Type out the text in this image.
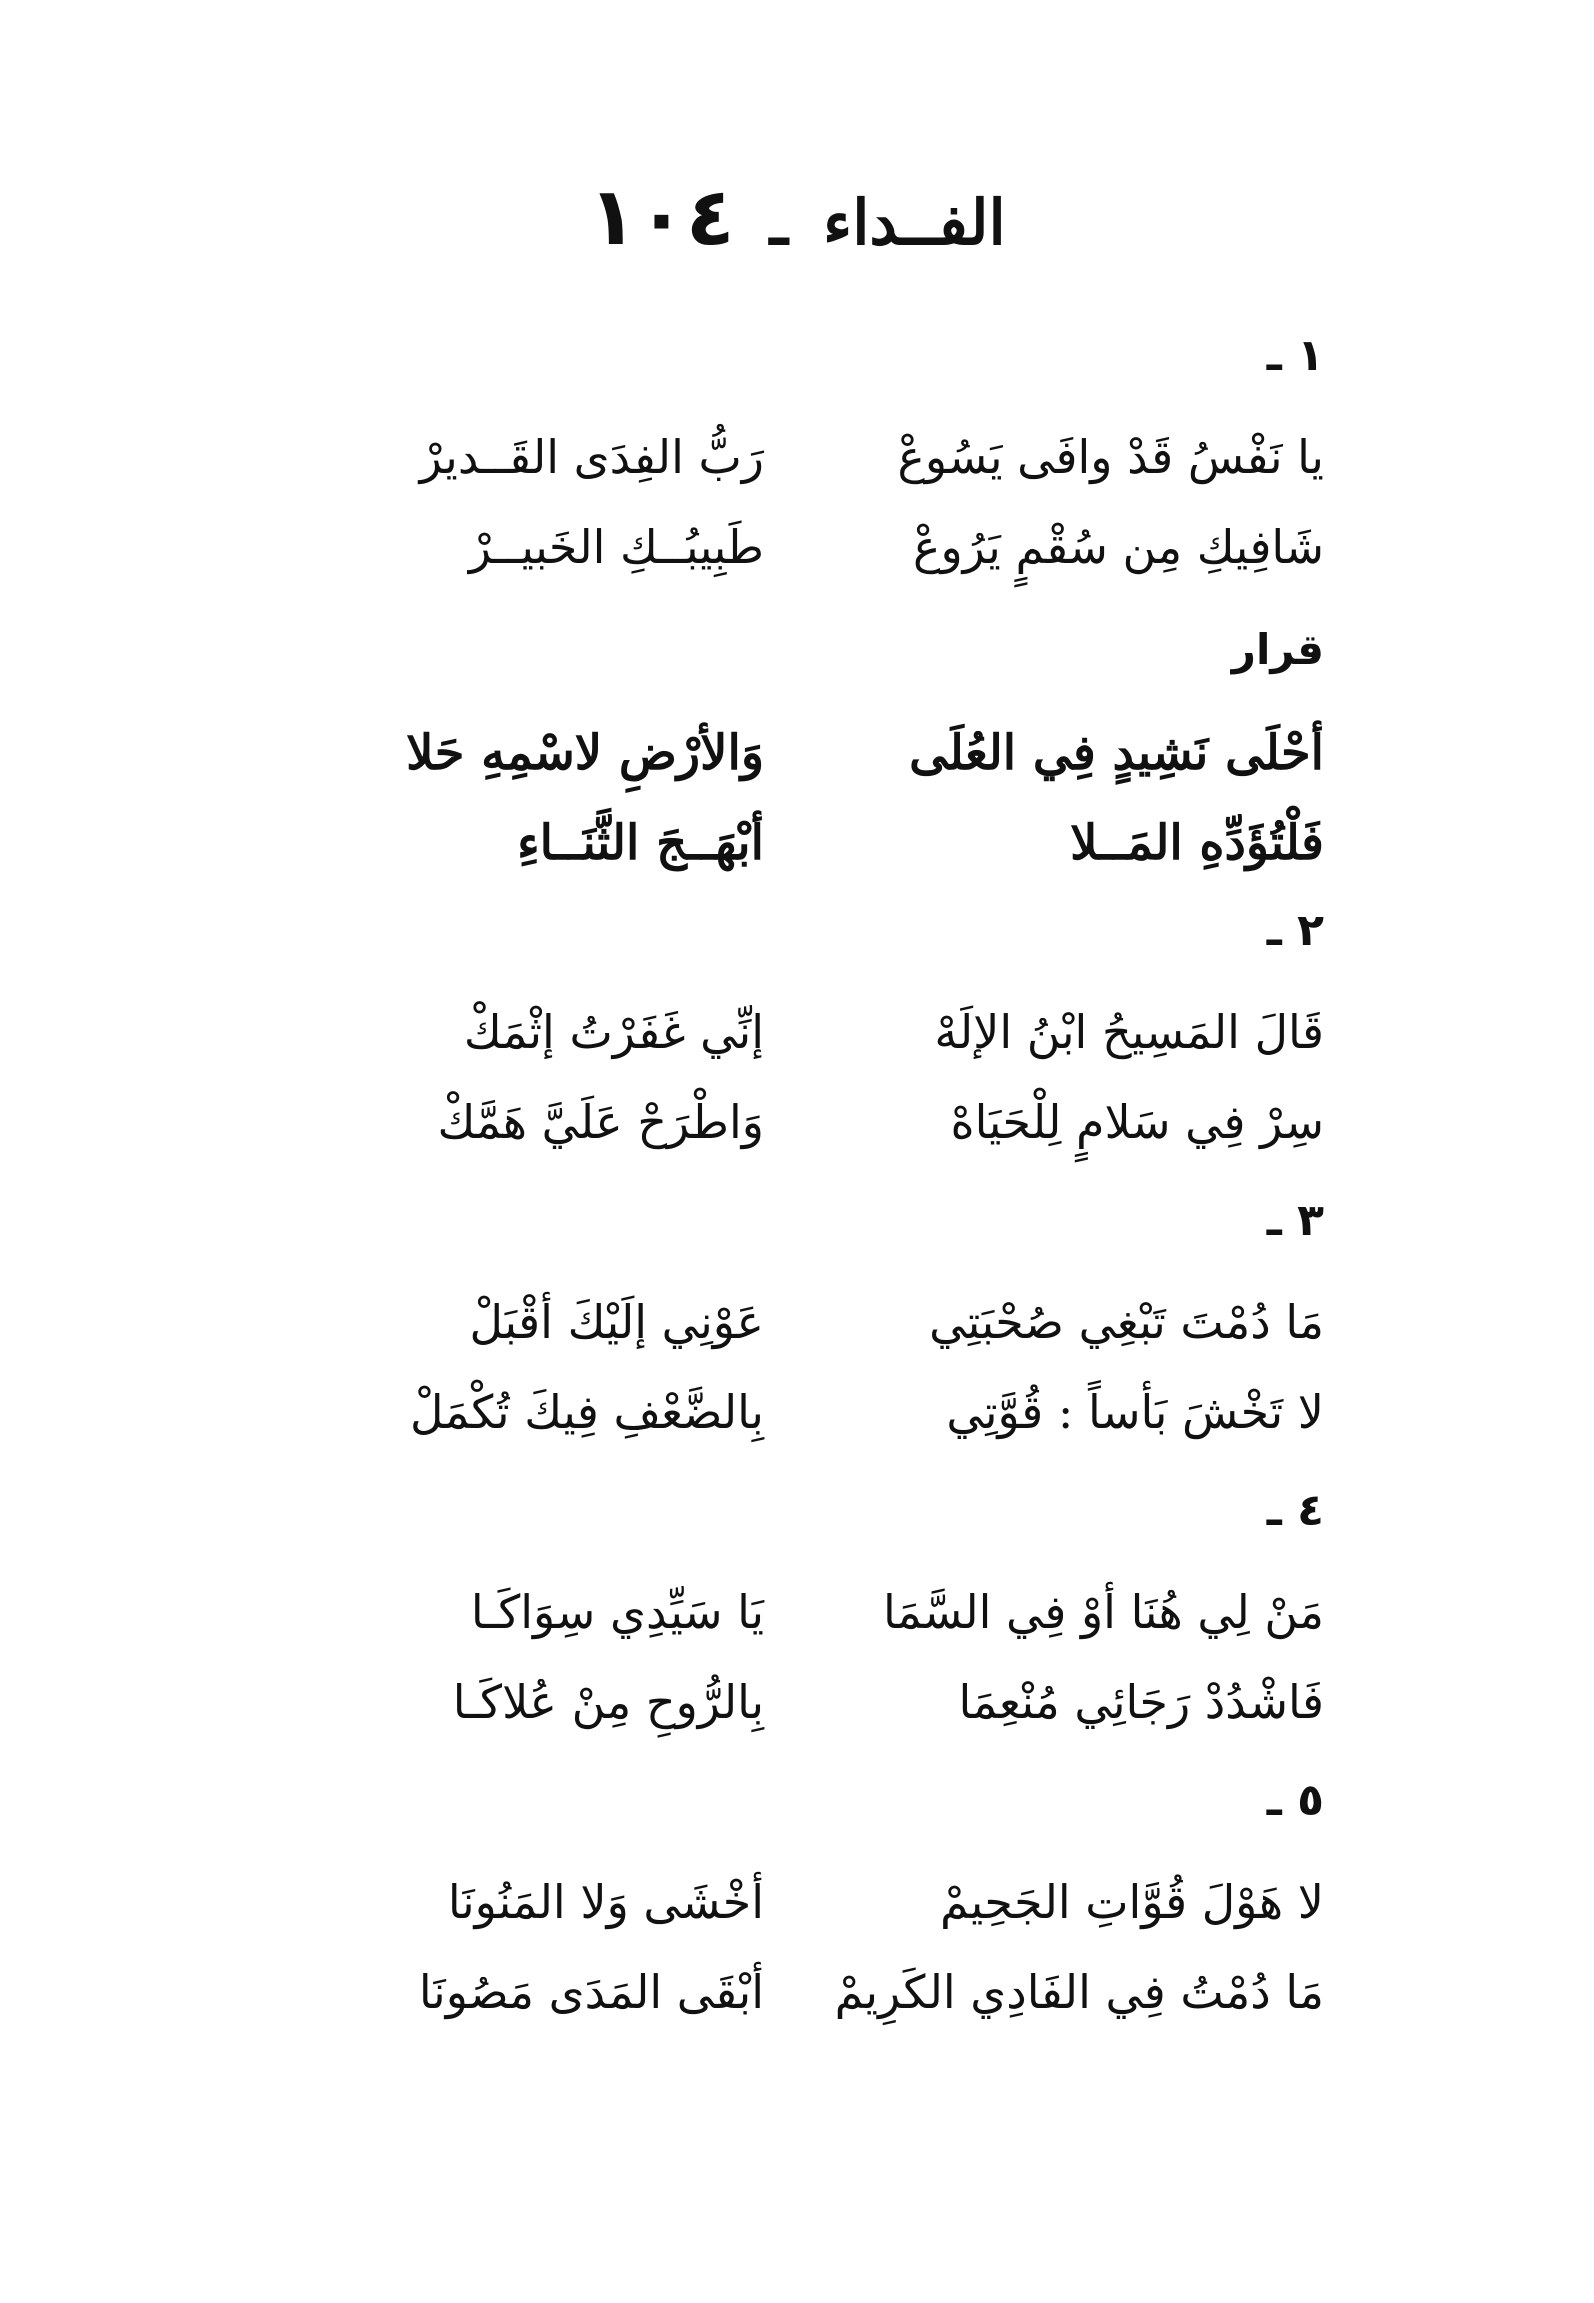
الفــداء ـ ١٠٤
١ ـ
يا نَفْسُ قَدْ وافَى يَسُوعْ
رَبُّ الفِدَى القَــديرْ
شَافِيكِ مِن سُقْمٍ يَرُوعْ
طَبِيبُــكِ الخَبيــرْ
قرار
أحْلَى نَشِيدٍ فِي العُلَى
وَالأرْضِ لاسْمِهِ حَلا
فَلْتُؤَدِّهِ المَــلا
أبْهَــجَ الثَّنَــاءِ
٢ ـ
قَالَ المَسِيحُ ابْنُ الإلَهْ
إنِّي غَفَرْتُ إثْمَكْ
سِرْ فِي سَلامٍ لِلْحَيَاهْ
وَاطْرَحْ عَلَيَّ هَمَّكْ
٣ ـ
مَا دُمْتَ تَبْغِي صُحْبَتِي
عَوْنِي إلَيْكَ أقْبَلْ
لا تَخْشَ بَأساً : قُوَّتِي
بِالضَّعْفِ فِيكَ تُكْمَلْ
٤ ـ
مَنْ لِي هُنَا أوْ فِي السَّمَا
يَا سَيِّدِي سِوَاكَـا
فَاشْدُدْ رَجَائِي مُنْعِمَا
بِالرُّوحِ مِنْ عُلاكَـا
٥ ـ
لا هَوْلَ قُوَّاتِ الجَحِيمْ
أخْشَى وَلا المَنُونَا
مَا دُمْتُ فِي الفَادِي الكَرِيمْ
أبْقَى المَدَى مَصُونَا
